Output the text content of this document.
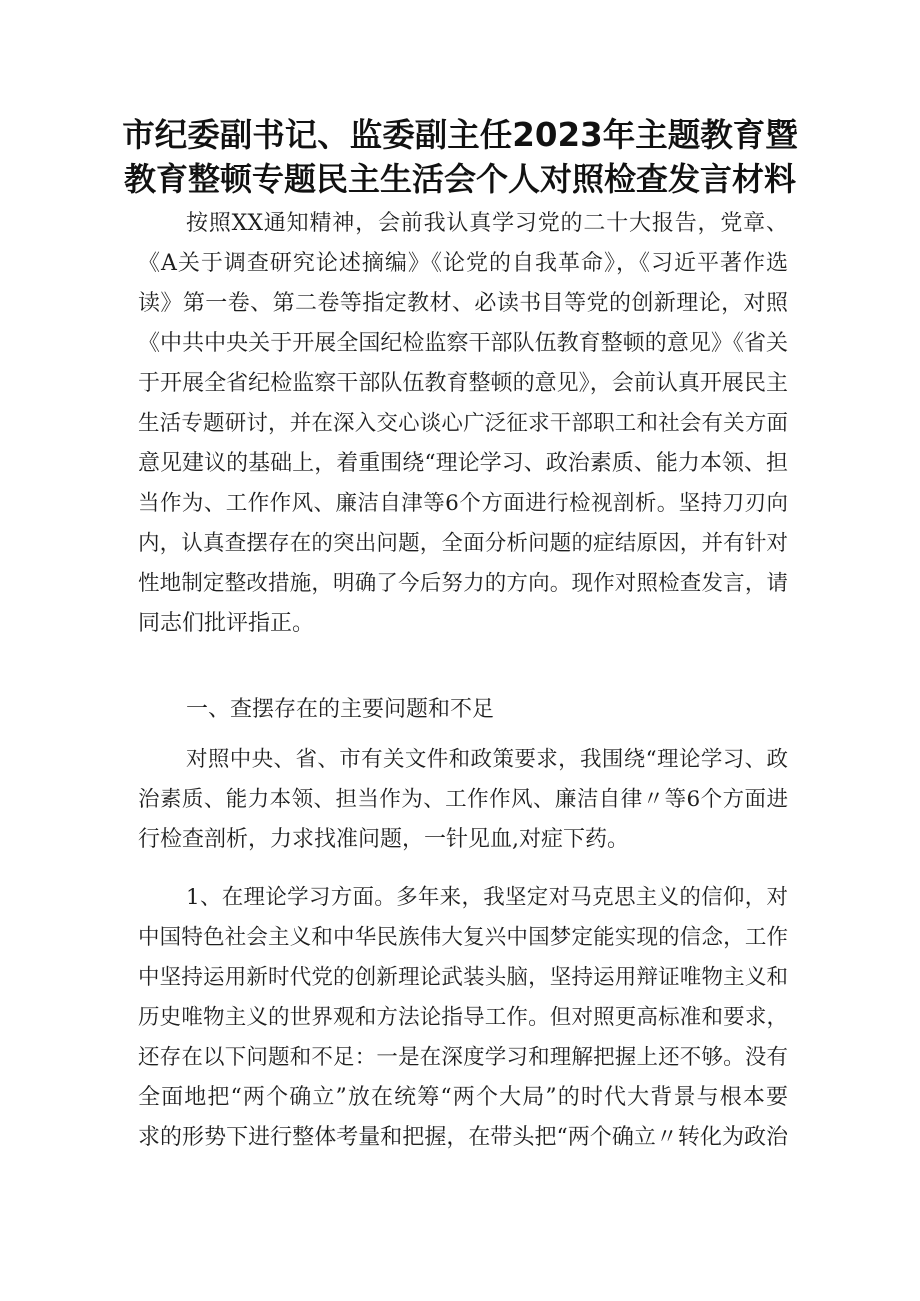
市纪委副书记、监委副主任2023年主题教育暨
教育整顿专题民主生活会个人对照检查发言材料
按照XX通知精神，会前我认真学习党的二十大报告，党章、
《A关于调查研究论述摘编》《论党的自我革命》，《习近平著作选
读》第一卷、第二卷等指定教材、必读书目等党的创新理论，对照
《中共中央关于开展全国纪检监察干部队伍教育整顿的意见》《省关
于开展全省纪检监察干部队伍教育整顿的意见》，会前认真开展民主
生活专题研讨，并在深入交心谈心广泛征求干部职工和社会有关方面
意见建议的基础上，着重围绕“理论学习、政治素质、能力本领、担
当作为、工作作风、廉洁自津等6个方面进行检视剖析。坚持刀刃向
内，认真查摆存在的突出问题，全面分析问题的症结原因，并有针对
性地制定整改措施，明确了今后努力的方向。现作对照检查发言，请
同志们批评指正。
一、查摆存在的主要问题和不足
对照中央、省、市有关文件和政策要求，我围绕“理论学习、政
治素质、能力本领、担当作为、工作作风、廉洁自律〃等6个方面进
行检查剖析，力求找准问题，一针见血,对症下药。
1、在理论学习方面。多年来，我坚定对马克思主义的信仰，对
中国特色社会主义和中华民族伟大复兴中国梦定能实现的信念，工作
中坚持运用新时代党的创新理论武装头脑，坚持运用辩证唯物主义和
历史唯物主义的世界观和方法论指导工作。但对照更高标准和要求，
还存在以下问题和不足：一是在深度学习和理解把握上还不够。没有
全面地把“两个确立”放在统筹“两个大局”的时代大背景与根本要
求的形势下进行整体考量和把握，在带头把“两个确立〃转化为政治
